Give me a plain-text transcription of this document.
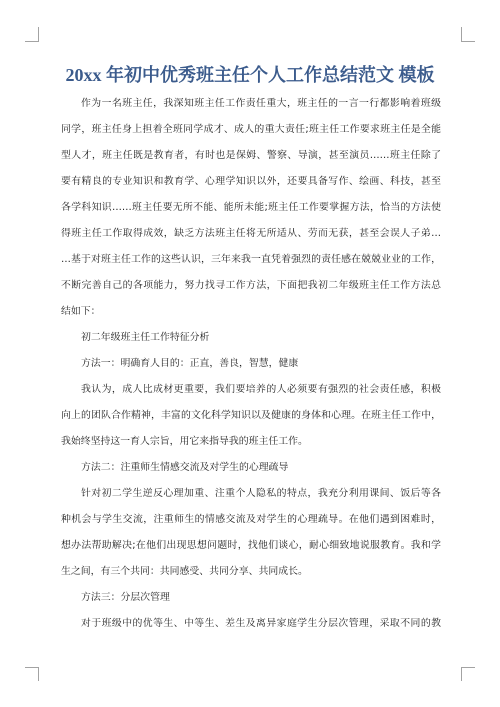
20xx 年初中优秀班主任个人工作总结范文 模板
作为一名班主任，我深知班主任工作责任重大，班主任的一言一行都影响着班级
同学，班主任身上担着全班同学成才、成人的重大责任;班主任工作要求班主任是全能
型人才，班主任既是教育者，有时也是保姆、警察、导演，甚至演员……班主任除了
要有精良的专业知识和教育学、心理学知识以外，还要具备写作、绘画、科技，甚至
各学科知识……班主任要无所不能、能所未能;班主任工作要掌握方法，恰当的方法使
得班主任工作取得成效，缺乏方法班主任将无所适从、劳而无获，甚至会误人子弟…
…基于对班主任工作的这些认识，三年来我一直凭着强烈的责任感在兢兢业业的工作，
不断完善自己的各项能力，努力找寻工作方法，下面把我初二年级班主任工作方法总
结如下：
初二年级班主任工作特征分析
方法一：明确育人目的：正直，善良，智慧，健康
我认为，成人比成材更重要，我们要培养的人必须要有强烈的社会责任感，积极
向上的团队合作精神，丰富的文化科学知识以及健康的身体和心理。在班主任工作中，
我始终坚持这一育人宗旨，用它来指导我的班主任工作。
方法二：注重师生情感交流及对学生的心理疏导
针对初二学生逆反心理加重、注重个人隐私的特点，我充分利用课间、饭后等各
种机会与学生交流，注重师生的情感交流及对学生的心理疏导。在他们遇到困难时，
想办法帮助解决;在他们出现思想问题时，找他们谈心，耐心细致地说服教育。我和学
生之间，有三个共同：共同感受、共同分享、共同成长。
方法三：分层次管理
对于班级中的优等生、中等生、差生及离异家庭学生分层次管理，采取不同的教
